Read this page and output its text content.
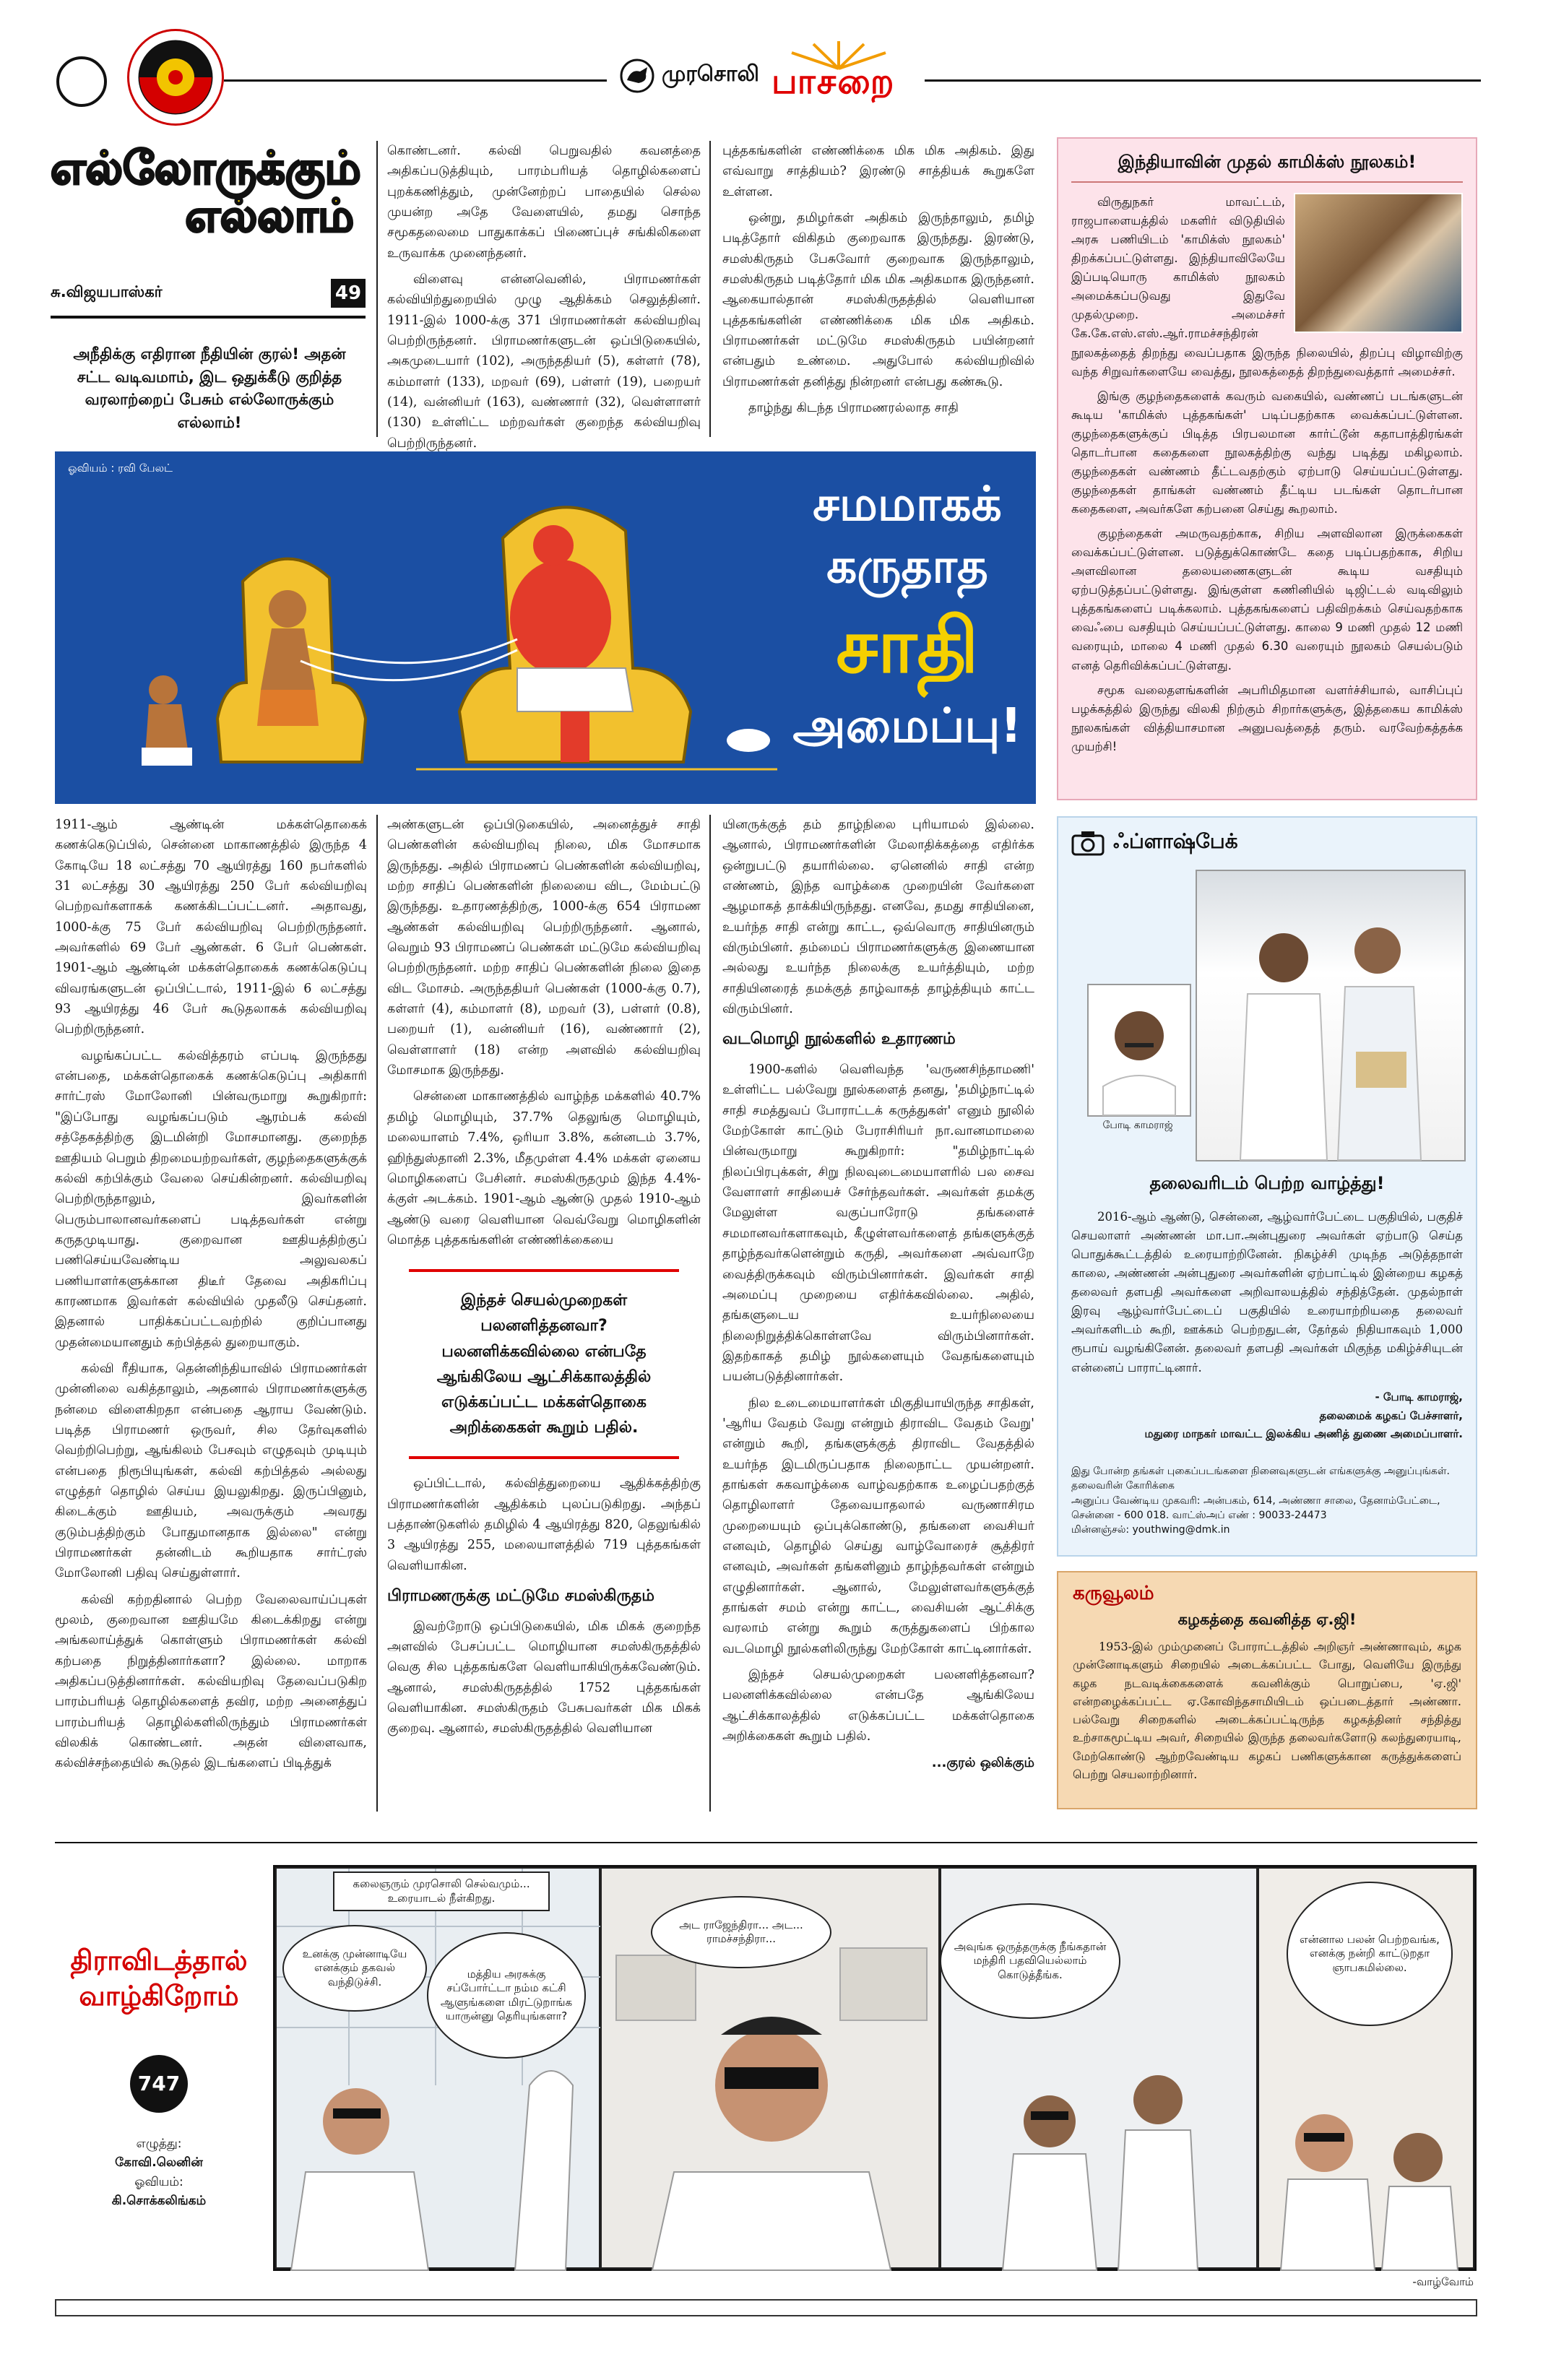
முரசொலி பாசறை
எல்லோருக்கும்
எல்லாம்
சு.விஜயபாஸ்கர்	49
அநீதிக்கு எதிரான நீதியின் குரல்! அதன் சட்ட வடிவமாம், இட ஒதுக்கீடு குறித்த வரலாற்றைப் பேசும் எல்லோருக்கும் எல்லாம்!

கொண்டனர். கல்வி பெறுவதில் கவனத்தை அதிகப்படுத்தியும், பாரம்பரியத் தொழில்களைப் புறக்கணித்தும், முன்னேற்றப் பாதையில் செல்ல முயன்ற அதே வேளையில், தமது சொந்த சமூகதலைமை பாதுகாக்கப் பிணைப்புச் சங்கிலிகளை உருவாக்க முனைந்தனர்.

விளைவு என்னவெனில், பிராமணர்கள் கல்வியிற்துறையில் முழு ஆதிக்கம் செலுத்தினர். 1911-இல் 1000-க்கு 371 பிராமணர்கள் கல்வியறிவு பெற்றிருந்தனர். பிராமணர்களுடன் ஒப்பிடுகையில், அகமுடையார் (102), அருந்ததியர் (5), கள்ளர் (78), கம்மாளர் (133), மறவர் (69), பள்ளர் (19), பறையர் (14), வன்னியர் (163), வண்ணார் (32), வெள்ளாளர் (130) உள்ளிட்ட மற்றவர்கள் குறைந்த கல்வியறிவு பெற்றிருந்தனர்.

புத்தகங்களின் எண்ணிக்கை மிக மிக அதிகம். இது எவ்வாறு சாத்தியம்? இரண்டு சாத்தியக் கூறுகளே உள்ளன.

ஒன்று, தமிழர்கள் அதிகம் இருந்தாலும், தமிழ் படித்தோர் விகிதம் குறைவாக இருந்தது. இரண்டு, சமஸ்கிருதம் பேசுவோர் குறைவாக இருந்தாலும், சமஸ்கிருதம் படித்தோர் மிக மிக அதிகமாக இருந்தனர். ஆகையால்தான் சமஸ்கிருதத்தில் வெளியான புத்தகங்களின் எண்ணிக்கை மிக மிக அதிகம். பிராமணர்கள் மட்டுமே சமஸ்கிருதம் பயின்றனர் என்பதும் உண்மை. அதுபோல் கல்வியறிவில் பிராமணர்கள் தனித்து நின்றனர் என்பது கண்கூடு.

தாழ்ந்து கிடந்த பிராமணரல்லாத சாதி

ஓவியம் : ரவி பேலட்
சமமாகக்
கருதாத
சாதி
அமைப்பு!

1911-ஆம் ஆண்டின் மக்கள்தொகைக் கணக்கெடுப்பில், சென்னை மாகாணத்தில் இருந்த 4 கோடியே 18 லட்சத்து 70 ஆயிரத்து 160 நபர்களில் 31 லட்சத்து 30 ஆயிரத்து 250 பேர் கல்வியறிவு பெற்றவர்களாகக் கணக்கிடப்பட்டனர். அதாவது, 1000-க்கு 75 பேர் கல்வியறிவு பெற்றிருந்தனர். அவர்களில் 69 பேர் ஆண்கள். 6 பேர் பெண்கள். 1901-ஆம் ஆண்டின் மக்கள்தொகைக் கணக்கெடுப்பு விவரங்களுடன் ஒப்பிட்டால், 1911-இல் 6 லட்சத்து 93 ஆயிரத்து 46 பேர் கூடுதலாகக் கல்வியறிவு பெற்றிருந்தனர்.

வழங்கப்பட்ட கல்வித்தரம் எப்படி இருந்தது என்பதை, மக்கள்தொகைக் கணக்கெடுப்பு அதிகாரி சார்ட்ரஸ் மோலோனி பின்வருமாறு கூறுகிறார்: "இப்போது வழங்கப்படும் ஆரம்பக் கல்வி சத்தேகத்திற்கு இடமின்றி மோசமானது. குறைந்த ஊதியம் பெறும் திறமையற்றவர்கள், குழந்தைகளுக்குக் கல்வி கற்பிக்கும் வேலை செய்கின்றனர். கல்வியறிவு பெற்றிருந்தாலும், இவர்களின் பெரும்பாலானவர்களைப் படித்தவர்கள் என்று கருதமுடியாது. குறைவான ஊதியத்திற்குப் பணிசெய்யவேண்டிய அலுவலகப் பணியாளர்களுக்கான திடீர் தேவை அதிகரிப்பு காரணமாக இவர்கள் கல்வியில் முதலீடு செய்தனர். இதனால் பாதிக்கப்பட்டவற்றில் குறிப்பானது முதன்மையானதும் கற்பித்தல் துறையாகும்.

கல்வி ரீதியாக, தென்னிந்தியாவில் பிராமணர்கள் முன்னிலை வகித்தாலும், அதனால் பிராமணர்களுக்கு நன்மை விளைகிறதா என்பதை ஆராய வேண்டும். படித்த பிராமணர் ஒருவர், சில தேர்வுகளில் வெற்றிபெற்று, ஆங்கிலம் பேசவும் எழுதவும் முடியும் என்பதை நிரூபியுங்கள், கல்வி கற்பித்தல் அல்லது எழுத்தர் தொழில் செய்ய இயலுகிறது. இருப்பினும், கிடைக்கும் ஊதியம், அவருக்கும் அவரது குடும்பத்திற்கும் போதுமானதாக இல்லை" என்று பிராமணர்கள் தன்னிடம் கூறியதாக சார்ட்ரஸ் மோலோனி பதிவு செய்துள்ளார்.

கல்வி கற்றதினால் பெற்ற வேலைவாய்ப்புகள் மூலம், குறைவான ஊதியமே கிடைக்கிறது என்று அங்கலாய்த்துக் கொள்ளும் பிராமணர்கள் கல்வி கற்பதை நிறுத்தினார்களா? இல்லை. மாறாக அதிகப்படுத்தினார்கள். கல்வியறிவு தேவைப்படுகிற பாரம்பரியத் தொழில்களைத் தவிர, மற்ற அனைத்துப் பாரம்பரியத் தொழில்களிலிருந்தும் பிராமணர்கள் விலகிக் கொண்டனர். அதன் விளைவாக, கல்விச்சந்தையில் கூடுதல் இடங்களைப் பிடித்துக்

அண்களுடன் ஒப்பிடுகையில், அனைத்துச் சாதி பெண்களின் கல்வியறிவு நிலை, மிக மோசமாக இருந்தது. அதில் பிராமணப் பெண்களின் கல்வியறிவு, மற்ற சாதிப் பெண்களின் நிலையை விட, மேம்பட்டு இருந்தது. உதாரணத்திற்கு, 1000-க்கு 654 பிராமண ஆண்கள் கல்வியறிவு பெற்றிருந்தனர். ஆனால், வெறும் 93 பிராமணப் பெண்கள் மட்டுமே கல்வியறிவு பெற்றிருந்தனர். மற்ற சாதிப் பெண்களின் நிலை இதை விட மோசம். அருந்ததியர் பெண்கள் (1000-க்கு 0.7), கள்ளர் (4), கம்மாளர் (8), மறவர் (3), பள்ளர் (0.8), பறையர் (1), வன்னியர் (16), வண்ணார் (2), வெள்ளாளர் (18) என்ற அளவில் கல்வியறிவு மோசமாக இருந்தது.

சென்னை மாகாணத்தில் வாழ்ந்த மக்களில் 40.7% தமிழ் மொழியும், 37.7% தெலுங்கு மொழியும், மலையாளம் 7.4%, ஒரியா 3.8%, கன்னடம் 3.7%, ஹிந்துஸ்தானி 2.3%, மீதமுள்ள 4.4% மக்கள் ஏனைய மொழிகளைப் பேசினர். சமஸ்கிருதமும் இந்த 4.4%-க்குள் அடக்கம். 1901-ஆம் ஆண்டு முதல் 1910-ஆம் ஆண்டு வரை வெளியான வெவ்வேறு மொழிகளின் மொத்த புத்தகங்களின் எண்ணிக்கையை

இந்தச் செயல்முறைகள் பலனளித்தனவா? பலனளிக்கவில்லை என்பதே ஆங்கிலேய ஆட்சிக்காலத்தில் எடுக்கப்பட்ட மக்கள்தொகை அறிக்கைகள் கூறும் பதில்.

ஒப்பிட்டால், கல்வித்துறையை ஆதிக்கத்திற்கு பிராமணர்களின் ஆதிக்கம் புலப்படுகிறது. அந்தப் பத்தாண்டுகளில் தமிழில் 4 ஆயிரத்து 820, தெலுங்கில் 3 ஆயிரத்து 255, மலையாளத்தில் 719 புத்தகங்கள் வெளியாகின.

பிராமணருக்கு மட்டுமே சமஸ்கிருதம்

இவற்றோடு ஒப்பிடுகையில், மிக மிகக் குறைந்த அளவில் பேசப்பட்ட மொழியான சமஸ்கிருதத்தில் வெகு சில புத்தகங்களே வெளியாகியிருக்கவேண்டும். ஆனால், சமஸ்கிருதத்தில் 1752 புத்தகங்கள் வெளியாகின. சமஸ்கிருதம் பேசுபவர்கள் மிக மிகக் குறைவு. ஆனால், சமஸ்கிருதத்தில் வெளியான

யினருக்குத் தம் தாழ்நிலை புரியாமல் இல்லை. ஆனால், பிராமணர்களின் மேலாதிக்கத்தை எதிர்க்க ஒன்றுபட்டு தயாரில்லை. ஏனெனில் சாதி என்ற எண்ணம், இந்த வாழ்க்கை முறையின் வேர்களை ஆழமாகத் தாக்கியிருந்தது. எனவே, தமது சாதியினை, உயர்ந்த சாதி என்று காட்ட, ஒவ்வொரு சாதியினரும் விரும்பினர். தம்மைப் பிராமணர்களுக்கு இணையான அல்லது உயர்ந்த நிலைக்கு உயர்த்தியும், மற்ற சாதியினரைத் தமக்குத் தாழ்வாகத் தாழ்த்தியும் காட்ட விரும்பினர்.

வடமொழி நூல்களில் உதாரணம்

1900-களில் வெளிவந்த 'வருணசிந்தாமணி' உள்ளிட்ட பல்வேறு நூல்களைத் தனது, 'தமிழ்நாட்டில் சாதி சமத்துவப் போராட்டக் கருத்துகள்' எனும் நூலில் மேற்கோள் காட்டும் பேராசிரியர் நா.வானமாமலை பின்வருமாறு கூறுகிறார்: "தமிழ்நாட்டில் நிலப்பிரபுக்கள், சிறு நிலவுடைமையாளரில் பல சைவ வேளாளர் சாதியைச் சேர்ந்தவர்கள். அவர்கள் தமக்கு மேலுள்ள வகுப்பாரோடு தங்களைச் சமமானவர்களாகவும், கீழுள்ளவர்களைத் தங்களுக்குத் தாழ்ந்தவர்களென்றும் கருதி, அவர்களை அவ்வாறே வைத்திருக்கவும் விரும்பினார்கள். இவர்கள் சாதி அமைப்பு முறையை எதிர்க்கவில்லை. அதில், தங்களுடைய உயர்நிலையை நிலைநிறுத்திக்கொள்ளவே விரும்பினார்கள். இதற்காகத் தமிழ் நூல்களையும் வேதங்களையும் பயன்படுத்தினார்கள்.

நில உடைமையாளர்கள் மிகுதியாயிருந்த சாதிகள், 'ஆரிய வேதம் வேறு என்றும் திராவிட வேதம் வேறு' என்றும் கூறி, தங்களுக்குத் திராவிட வேதத்தில் உயர்ந்த இடமிருப்பதாக நிலைநாட்ட முயன்றனர். தாங்கள் சுகவாழ்க்கை வாழ்வதற்காக உழைப்பதற்குத் தொழிலாளர் தேவையாதலால் வருணாசிரம முறையையும் ஒப்புக்கொண்டு, தங்களை வைசியர் எனவும், தொழில் செய்து வாழ்வோரைச் சூத்திரர் எனவும், அவர்கள் தங்களினும் தாழ்ந்தவர்கள் என்றும் எழுதினார்கள். ஆனால், மேலுள்ளவர்களுக்குத் தாங்கள் சமம் என்று காட்ட, வைசியன் ஆட்சிக்கு வரலாம் என்று கூறும் கருத்துகளைப் பிற்கால வடமொழி நூல்களிலிருந்து மேற்கோள் காட்டினார்கள்.

இந்தச் செயல்முறைகள் பலனளித்தனவா? பலனளிக்கவில்லை என்பதே ஆங்கிலேய ஆட்சிக்காலத்தில் எடுக்கப்பட்ட மக்கள்தொகை அறிக்கைகள் கூறும் பதில்.

...குரல் ஒலிக்கும்
இந்தியாவின் முதல் காமிக்ஸ் நூலகம்!

விருதுநகர் மாவட்டம், ராஜபாளையத்தில் மகளிர் விடுதியில் அரசு பணியிடம் 'காமிக்ஸ் நூலகம்' திறக்கப்பட்டுள்ளது. இந்தியாவிலேயே இப்படியொரு காமிக்ஸ் நூலகம் அமைக்கப்படுவது இதுவே முதல்முறை. அமைச்சர் கே.கே.எஸ்.எஸ்.ஆர்.ராமச்சந்திரன் நூலகத்தைத் திறந்து வைப்பதாக இருந்த நிலையில், திறப்பு விழாவிற்கு வந்த சிறுவர்களையே வைத்து, நூலகத்தைத் திறந்துவைத்தார் அமைச்சர்.

இங்கு குழந்தைகளைக் கவரும் வகையில், வண்ணப் படங்களுடன் கூடிய 'காமிக்ஸ் புத்தகங்கள்' படிப்பதற்காக வைக்கப்பட்டுள்ளன. குழந்தைகளுக்குப் பிடித்த பிரபலமான கார்ட்டூன் கதாபாத்திரங்கள் தொடர்பான கதைகளை நூலகத்திற்கு வந்து படித்து மகிழலாம். குழந்தைகள் வண்ணம் தீட்டவதற்கும் ஏற்பாடு செய்யப்பட்டுள்ளது. குழந்தைகள் தாங்கள் வண்ணம் தீட்டிய படங்கள் தொடர்பான கதைகளை, அவர்களே கற்பனை செய்து கூறலாம்.

குழந்தைகள் அமருவதற்காக, சிறிய அளவிலான இருக்கைகள் வைக்கப்பட்டுள்ளன. படுத்துக்கொண்டே கதை படிப்பதற்காக, சிறிய அளவிலான தலையணைகளுடன் கூடிய வசதியும் ஏற்படுத்தப்பட்டுள்ளது. இங்குள்ள கணினியில் டிஜிட்டல் வடிவிலும் புத்தகங்களைப் படிக்கலாம். புத்தகங்களைப் பதிவிறக்கம் செய்வதற்காக வைஃபை வசதியும் செய்யப்பட்டுள்ளது. காலை 9 மணி முதல் 12 மணி வரையும், மாலை 4 மணி முதல் 6.30 வரையும் நூலகம் செயல்படும் எனத் தெரிவிக்கப்பட்டுள்ளது.

சமூக வலைதளங்களின் அபரிமிதமான வளர்ச்சியால், வாசிப்புப் பழக்கத்தில் இருந்து விலகி நிற்கும் சிறார்களுக்கு, இத்தகைய காமிக்ஸ் நூலகங்கள் வித்தியாசமான அனுபவத்தைத் தரும். வரவேற்கத்தக்க முயற்சி!

ஃப்ளாஷ்பேக்
போடி காமராஜ்
தலைவரிடம் பெற்ற வாழ்த்து!
2016-ஆம் ஆண்டு, சென்னை, ஆழ்வார்பேட்டை பகுதியில், பகுதிச் செயலாளர் அண்ணன் மா.பா.அன்புதுரை அவர்கள் ஏற்பாடு செய்த பொதுக்கூட்டத்தில் உரையாற்றினேன். நிகழ்ச்சி முடிந்த அடுத்தநாள் காலை, அண்ணன் அன்புதுரை அவர்களின் ஏற்பாட்டில் இன்றைய கழகத் தலைவர் தளபதி அவர்களை அறிவாலயத்தில் சந்தித்தேன். முதல்நாள் இரவு ஆழ்வார்பேட்டைப் பகுதியில் உரையாற்றியதை தலைவர் அவர்களிடம் கூறி, ஊக்கம் பெற்றதுடன், தேர்தல் நிதியாகவும் 1,000 ரூபாய் வழங்கினேன். தலைவர் தளபதி அவர்கள் மிகுந்த மகிழ்ச்சியுடன் என்னைப் பாராட்டினார்.
- போடி காமராஜ்,
தலைமைக் கழகப் பேச்சாளர்,
மதுரை மாநகர் மாவட்ட இலக்கிய அணித் துணை அமைப்பாளர்.
இது போன்ற தங்கள் புகைப்படங்களை நினைவுகளுடன் எங்களுக்கு அனுப்புங்கள். தலைவரின் கோரிக்கை
அனுப்ப வேண்டிய முகவரி: அன்பகம், 614, அண்ணா சாலை, தேனாம்பேட்டை, சென்னை - 600 018. வாட்ஸ்அப் எண் : 90033-24473
மின்னஞ்சல்: youthwing@dmk.in
கருவூலம்
கழகத்தை கவனித்த ஏ.ஜி!
1953-இல் மும்முனைப் போராட்டத்தில் அறிஞர் அண்ணாவும், கழக முன்னோடிகளும் சிறையில் அடைக்கப்பட்ட போது, வெளியே இருந்து கழக நடவடிக்கைகளைக் கவனிக்கும் பொறுப்பை, 'ஏ.ஜி' என்றழைக்கப்பட்ட ஏ.கோவிந்தசாமியிடம் ஒப்படைத்தார் அண்ணா. பல்வேறு சிறைகளில் அடைக்கப்பட்டிருந்த கழகத்தினர் சந்தித்து உற்சாகமூட்டிய அவர், சிறையில் இருந்த தலைவர்களோடு கலந்துரையாடி, மேற்கொண்டு ஆற்றவேண்டிய கழகப் பணிகளுக்கான கருத்துக்களைப் பெற்று செயலாற்றினார்.
திராவிடத்தால்
வாழ்கிறோம்
747
எழுத்து:
கோவி.லெனின்
ஓவியம்:
கி.சொக்கலிங்கம்
கலைஞரும் முரசொலி செல்வமும்... உரையாடல் நீள்கிறது.
உனக்கு முன்னாடியே எனக்கும் தகவல் வந்திடுச்சி.
மத்திய அரசுக்கு சப்போர்ட்டா நம்ம கட்சி ஆளுங்களை மிரட்டுறாங்க யாருன்னு தெரியுங்களா?
அட ராஜேந்திரா... அட... ராமச்சந்திரா...
அவுங்க ஒருத்தருக்கு நீங்கதான் மந்திரி பதவியெல்லாம் கொடுத்தீங்க.
என்னால பலன் பெற்றவங்க, எனக்கு நன்றி காட்டுறதா ஞாபகமில்லை.
-வாழ்வோம்
